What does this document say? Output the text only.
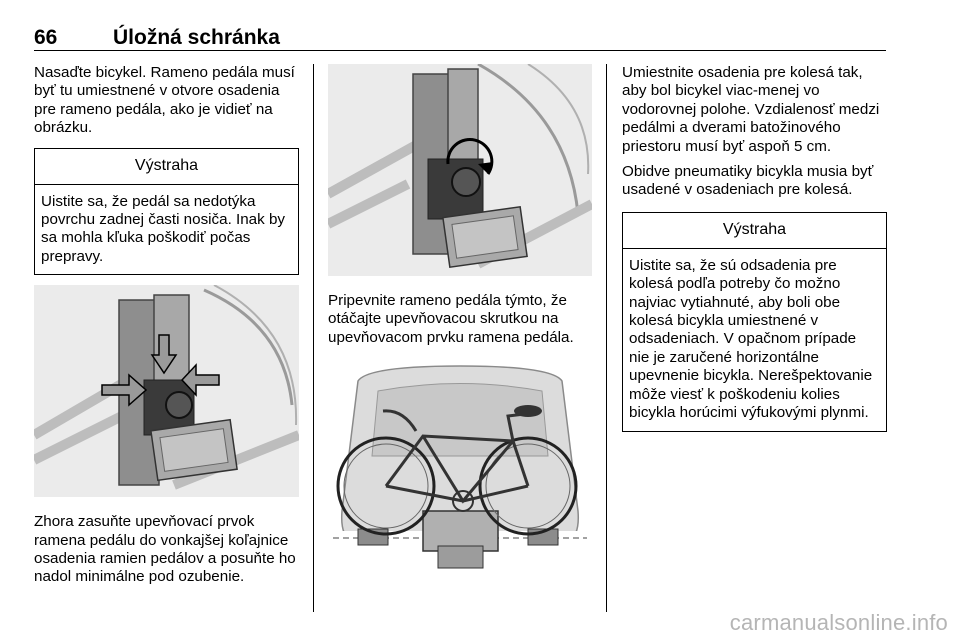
66	Úložná schránka

Nasaďte bicykel. Rameno pedála musí byť tu umiestnené v otvore osadenia pre rameno pedála, ako je vidieť na obrázku.

Výstraha
Uistite sa, že pedál sa nedotýka povrchu zadnej časti nosiča. Inak by sa mohla kľuka poškodiť počas prepravy.

Zhora zasuňte upevňovací prvok ramena pedálu do vonkajšej koľajnice osadenia ramien pedálov a posuňte ho nadol minimálne pod ozubenie.

Pripevnite rameno pedála týmto, že otáčajte upevňovacou skrutkou na upevňovacom prvku ramena pedála.

Umiestnite osadenia pre kolesá tak, aby bol bicykel viac-menej vo vodorovnej polohe. Vzdialenosť medzi pedálmi a dverami batožinového priestoru musí byť aspoň 5 cm.

Obidve pneumatiky bicykla musia byť usadené v osadeniach pre kolesá.

Výstraha
Uistite sa, že sú odsadenia pre kolesá podľa potreby čo možno najviac vytiahnuté, aby boli obe kolesá bicykla umiestnené v odsadeniach. V opačnom prípade nie je zaručené horizontálne upevnenie bicykla. Nerešpektovanie môže viesť k poškodeniu kolies bicykla horúcimi výfukovými plynmi.
carmanualsonline.info
